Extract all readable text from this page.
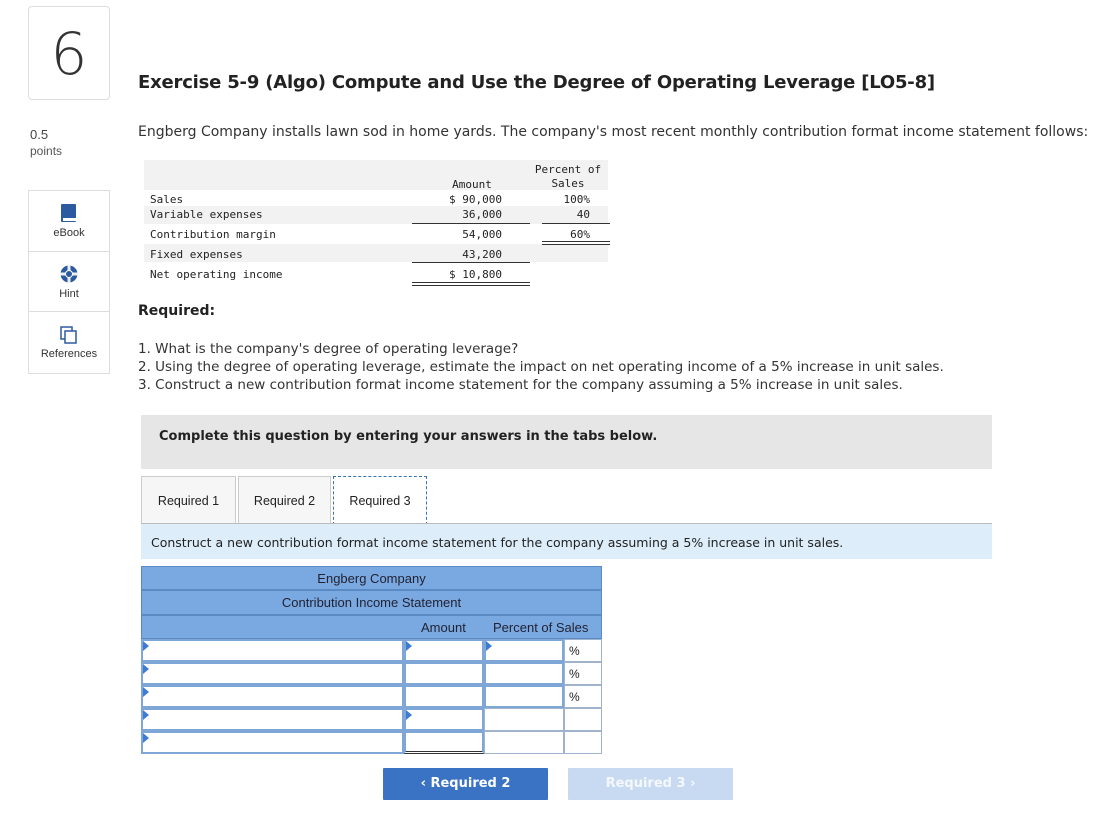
6
0.5
points
eBook
Hint
References
Exercise 5-9 (Algo) Compute and Use the Degree of Operating Leverage [LO5-8]
Engberg Company installs lawn sod in home yards. The company's most recent monthly contribution format income statement follows:
Amount
Percent of
Sales
Sales	$ 90,000	100%
Variable expenses	36,000	40
Contribution margin	54,000	60%
Fixed expenses	43,200
Net operating income	$ 10,800
Required:
1. What is the company's degree of operating leverage?
2. Using the degree of operating leverage, estimate the impact on net operating income of a 5% increase in unit sales.
3. Construct a new contribution format income statement for the company assuming a 5% increase in unit sales.
Complete this question by entering your answers in the tabs below.
Required 1	Required 2	Required 3
Construct a new contribution format income statement for the company assuming a 5% increase in unit sales.
Engberg Company
Contribution Income Statement
Amount Percent of Sales
%
%
%
‹ Required 2	Required 3 ›
